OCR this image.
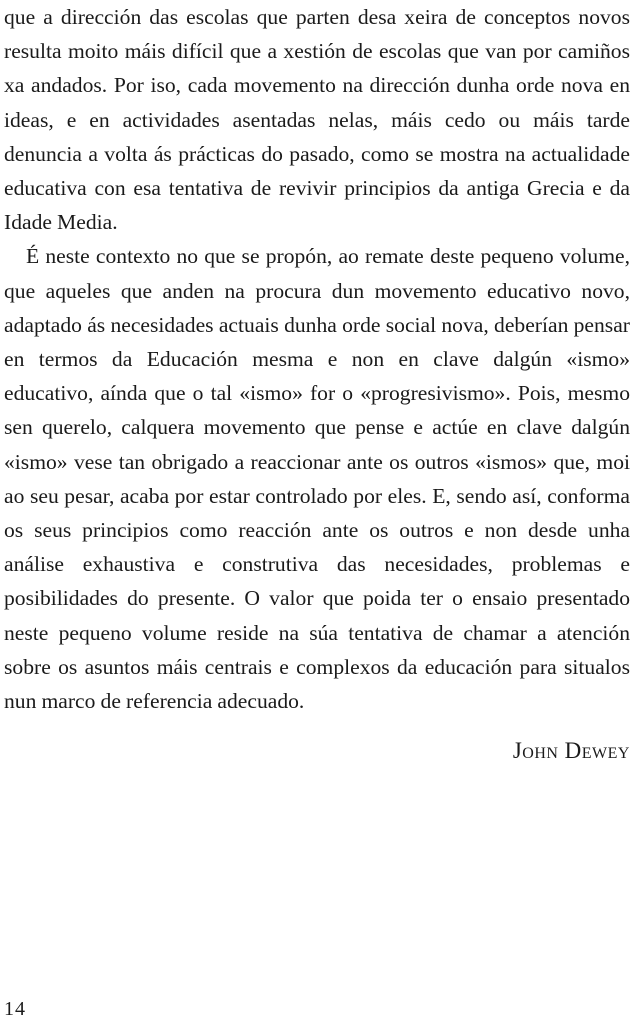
que a dirección das escolas que parten desa xeira de conceptos novos resulta moito máis difícil que a xestión de escolas que van por camiños xa andados. Por iso, cada movemento na dirección dunha orde nova en ideas, e en actividades asentadas nelas, máis cedo ou máis tarde denuncia a volta ás prácticas do pasado, como se mostra na actualidade educativa con esa tentativa de revivir principios da antiga Grecia e da Idade Media.

É neste contexto no que se propón, ao remate deste pequeno volume, que aqueles que anden na procura dun movemento educativo novo, adaptado ás necesidades actuais dunha orde social nova, deberían pensar en termos da Educación mesma e non en clave dalgún «ismo» educativo, aínda que o tal «ismo» for o «progresivismo». Pois, mesmo sen querelo, calquera movemento que pense e actúe en clave dalgún «ismo» vese tan obrigado a reaccionar ante os outros «ismos» que, moi ao seu pesar, acaba por estar controlado por eles. E, sendo así, conforma os seus principios como reacción ante os outros e non desde unha análise exhaustiva e construtiva das necesidades, problemas e posibilidades do presente. O valor que poida ter o ensaio presentado neste pequeno volume reside na súa tentativa de chamar a atención sobre os asuntos máis centrais e complexos da educación para situalos nun marco de referencia adecuado.

John Dewey
14
